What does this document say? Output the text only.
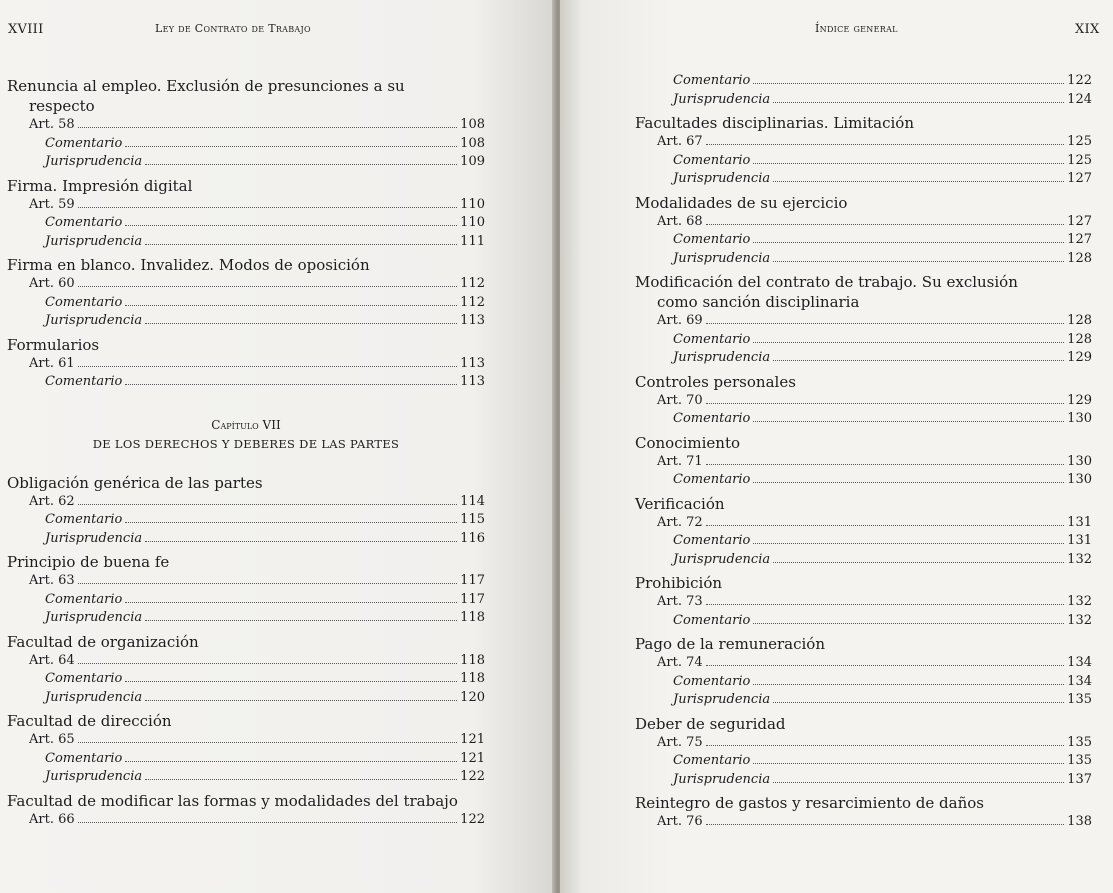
XVIII	Ley de Contrato de Trabajo
Renuncia al empleo. Exclusión de presunciones a su
respecto
Art. 58	108
Comentario	108
Jurisprudencia	109
Firma. Impresión digital
Art. 59	110
Comentario	110
Jurisprudencia	111
Firma en blanco. Invalidez. Modos de oposición
Art. 60	112
Comentario	112
Jurisprudencia	113
Formularios
Art. 61	113
Comentario	113
Capítulo VII
DE LOS DERECHOS Y DEBERES DE LAS PARTES
Obligación genérica de las partes
Art. 62	114
Comentario	115
Jurisprudencia	116
Principio de buena fe
Art. 63	117
Comentario	117
Jurisprudencia	118
Facultad de organización
Art. 64	118
Comentario	118
Jurisprudencia	120
Facultad de dirección
Art. 65	121
Comentario	121
Jurisprudencia	122
Facultad de modificar las formas y modalidades del trabajo
Art. 66	122
Índice general	XIX
Comentario	122
Jurisprudencia	124
Facultades disciplinarias. Limitación
Art. 67	125
Comentario	125
Jurisprudencia	127
Modalidades de su ejercicio
Art. 68	127
Comentario	127
Jurisprudencia	128
Modificación del contrato de trabajo. Su exclusión
como sanción disciplinaria
Art. 69	128
Comentario	128
Jurisprudencia	129
Controles personales
Art. 70	129
Comentario	130
Conocimiento
Art. 71	130
Comentario	130
Verificación
Art. 72	131
Comentario	131
Jurisprudencia	132
Prohibición
Art. 73	132
Comentario	132
Pago de la remuneración
Art. 74	134
Comentario	134
Jurisprudencia	135
Deber de seguridad
Art. 75	135
Comentario	135
Jurisprudencia	137
Reintegro de gastos y resarcimiento de daños
Art. 76	138
